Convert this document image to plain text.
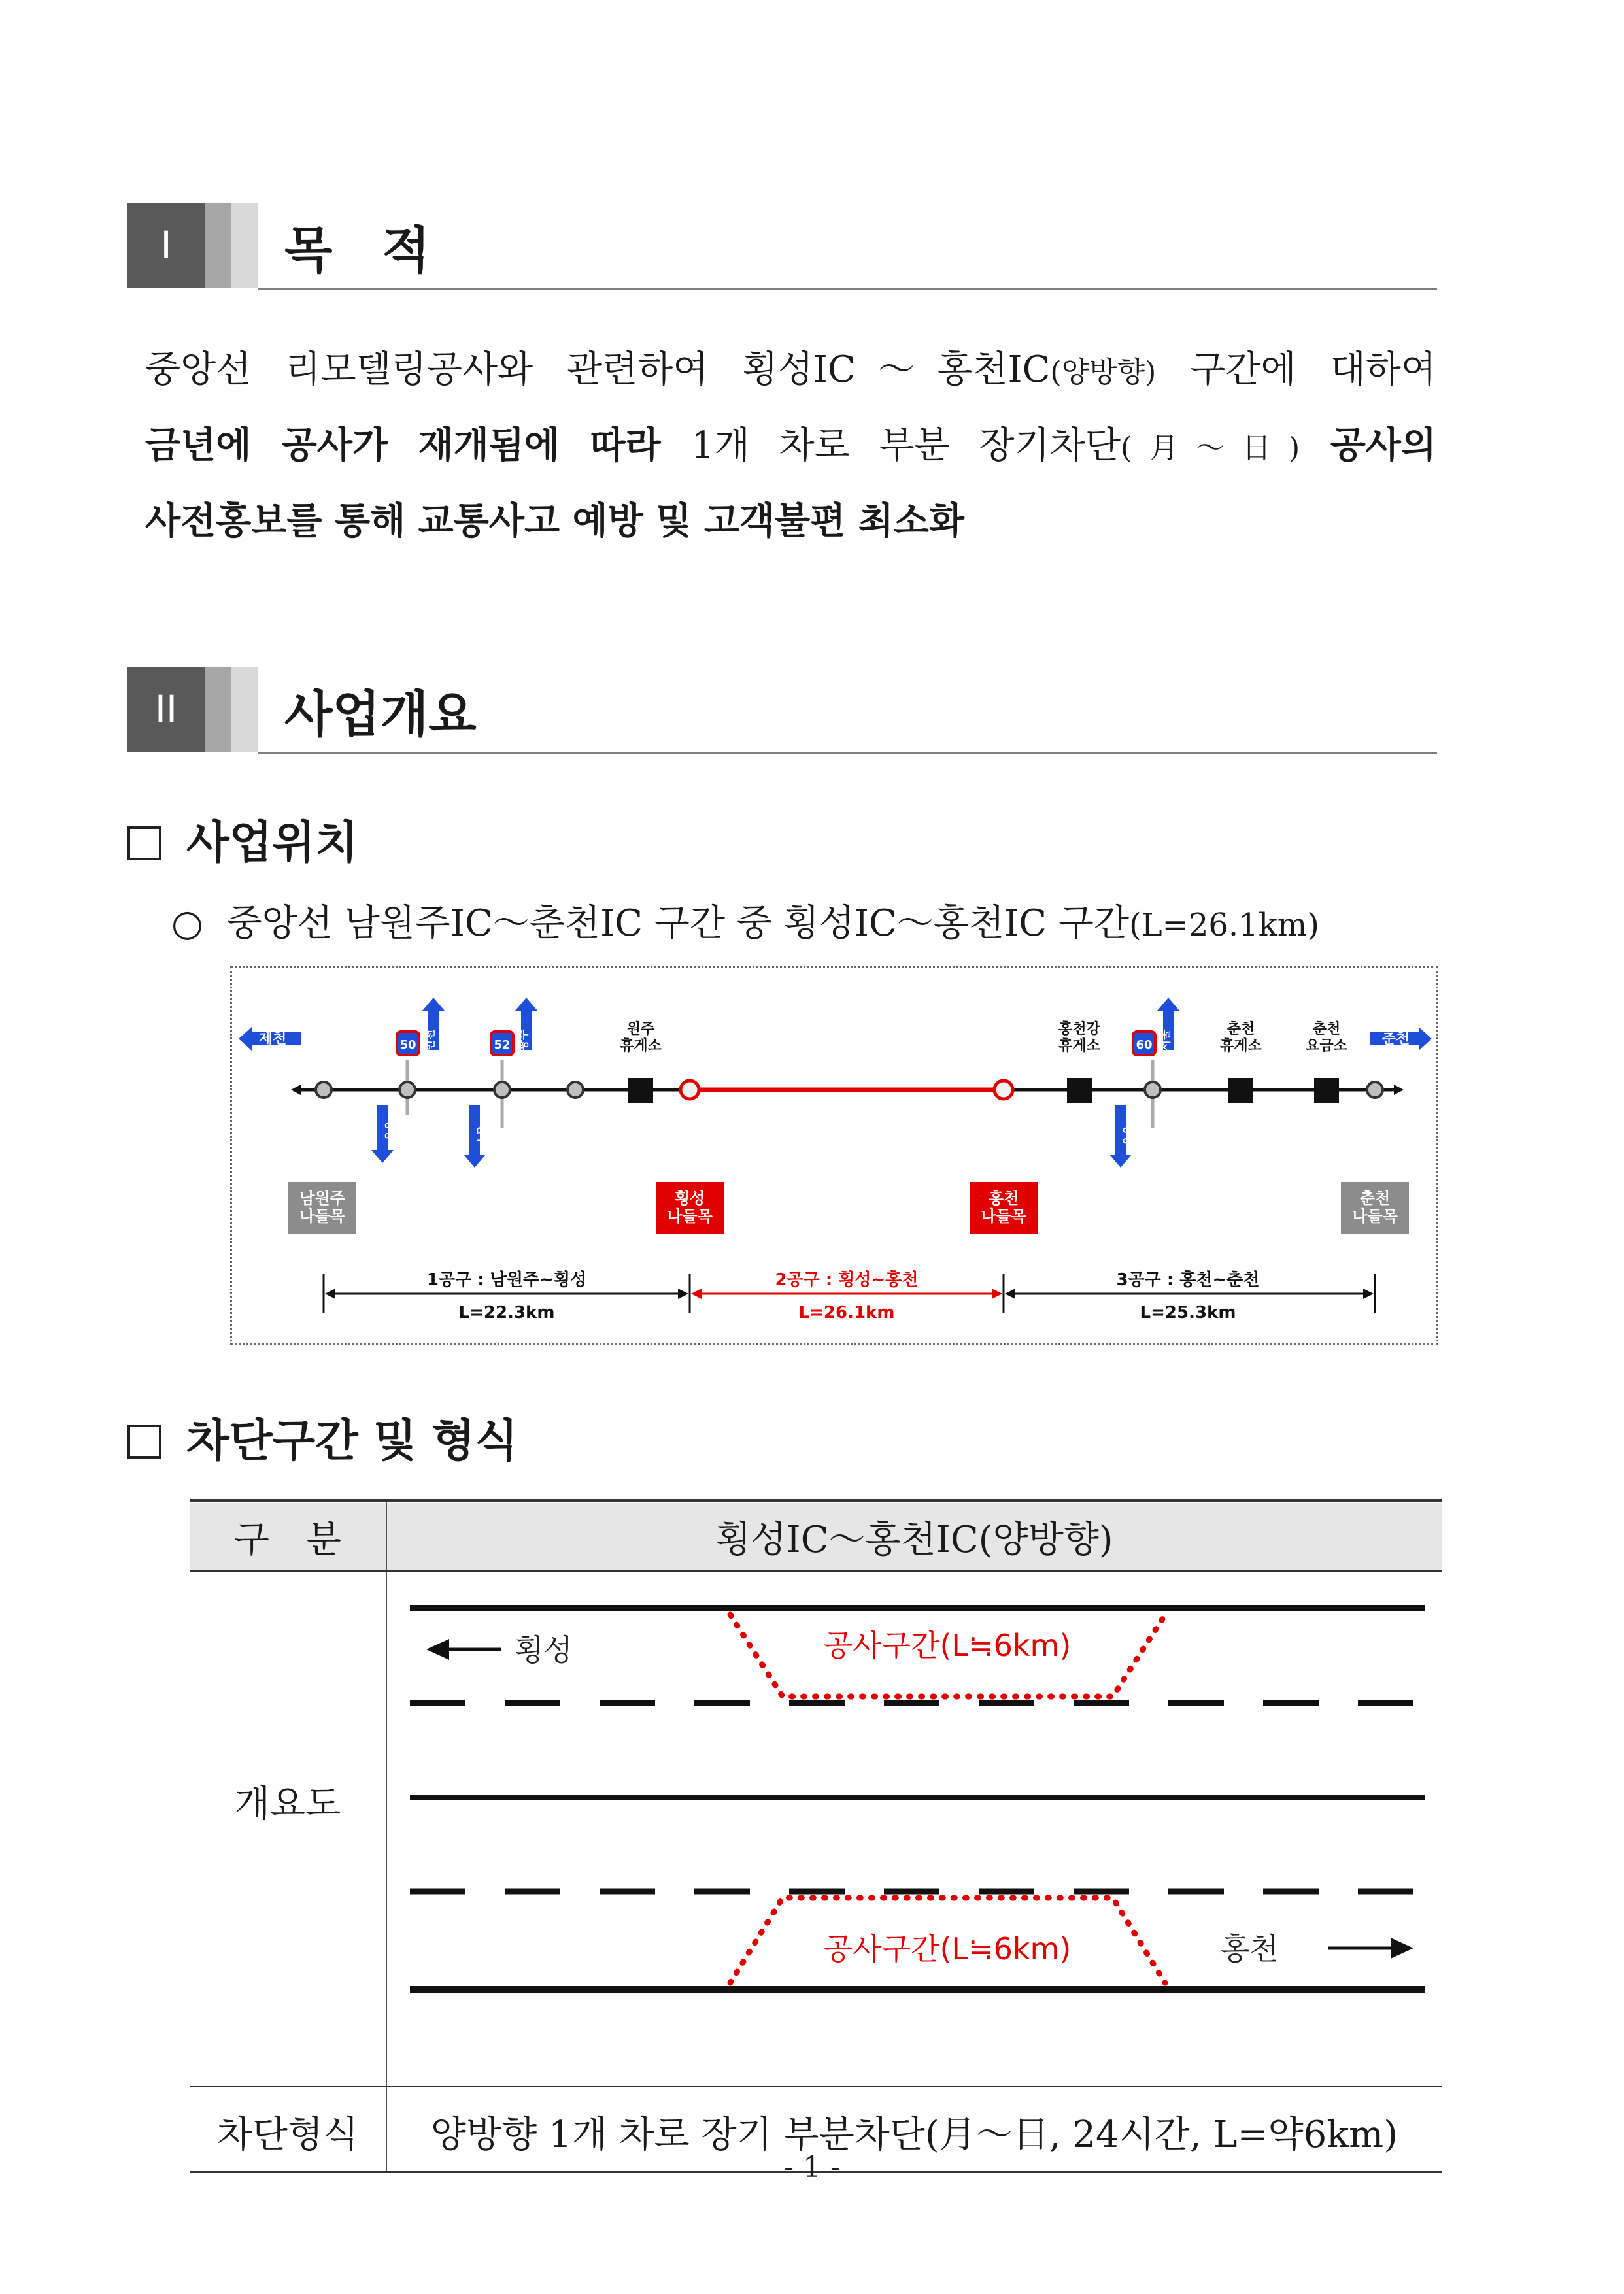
I	목　적
중앙선 리모델링공사와 관련하여 횡성IC～홍천IC(양방향) 구간에 대하여
금년에 공사가 재개됨에 따라 1개 차로 부분 장기차단(月～日) 공사의
사전홍보를 통해 교통사고 예방 및 고객불편 최소화
II	사업개요
사업위치
○ 중앙선 남원주IC～춘천IC 구간 중 횡성IC～홍천IC 구간(L=26.1km)
제천	춘천
50 인천
강릉
52 광주
원주
60 서울
양양
원주 휴게소
홍천강 휴게소
춘천 휴게소
춘천 요금소
남원주 나들목
횡성 나들목
홍천 나들목
춘천 나들목
1공구 : 남원주~횡성
L=22.3km
2공구 : 횡성~홍천
L=26.1km
3공구 : 홍천~춘천
L=25.3km
차단구간 및 형식
구　분	횡성IC～홍천IC(양방향)
개요도
횡성
홍천
공사구간(L≒6km)
공사구간(L≒6km)
차단형식	양방향 1개 차로 장기 부분차단(月～日, 24시간, L=약6km)
- 1 -
